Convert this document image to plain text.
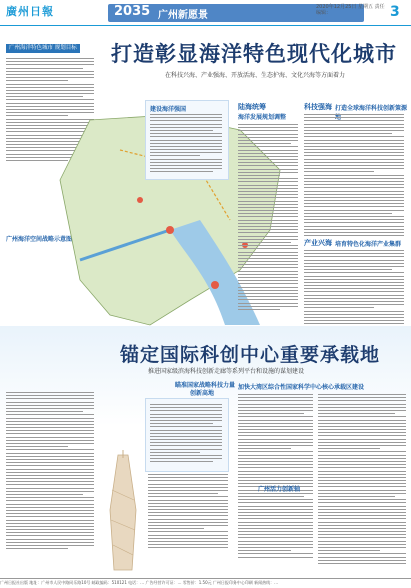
廣州日報	2035 广州新愿景
2020年12月25日 星期五 责任编辑：	3
打造彰显海洋特色现代化城市
在科技兴海、产业强海、开放活海、生态护海、文化兴海等方面着力
广州海洋特色城市 规划目标
广州海洋空间战略示意图
建设海洋强国	陆海统筹
海洋发展规划调整
科技强海 打造全球海洋科技创新策源
产业兴海 培育特色化海洋产业集群
锚定国际科创中心重要承载地
推进国家级滨海科技创新走廊等系列平台和设施的谋划建设
瞄准国家战略科技力量
创新高地
加快大湾区综合性国家科学中心核心承载区建设
广州活力创新轴
广州日报社出版 地址：广州市人民中路同乐路10号 邮政编码：510121 电话：… 广告经营许可证：… 零售价：1.50元 广州日报印务中心印刷 新闻热线：…
